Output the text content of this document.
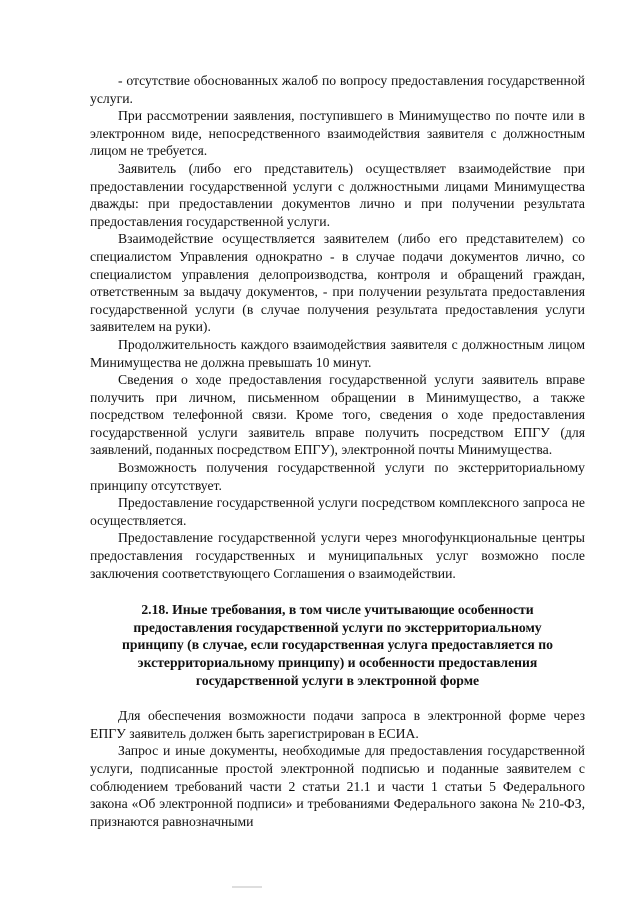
- отсутствие обоснованных жалоб по вопросу предоставления государственной услуги.

При рассмотрении заявления, поступившего в Минимущество по почте или в электронном виде, непосредственного взаимодействия заявителя с должностным лицом не требуется.

Заявитель (либо его представитель) осуществляет взаимодействие при предоставлении государственной услуги с должностными лицами Минимущества дважды: при предоставлении документов лично и при получении результата предоставления государственной услуги.

Взаимодействие осуществляется заявителем (либо его представителем) со специалистом Управления однократно - в случае подачи документов лично, со специалистом управления делопроизводства, контроля и обращений граждан, ответственным за выдачу документов, - при получении результата предоставления государственной услуги (в случае получения результата предоставления услуги заявителем на руки).

Продолжительность каждого взаимодействия заявителя с должностным лицом Минимущества не должна превышать 10 минут.

Сведения о ходе предоставления государственной услуги заявитель вправе получить при личном, письменном обращении в Минимущество, а также посредством телефонной связи. Кроме того, сведения о ходе предоставления государственной услуги заявитель вправе получить посредством ЕПГУ (для заявлений, поданных посредством ЕПГУ), электронной почты Минимущества.

Возможность получения государственной услуги по экстерриториальному принципу отсутствует.

Предоставление государственной услуги посредством комплексного запроса не осуществляется.

Предоставление государственной услуги через многофункциональные центры предоставления государственных и муниципальных услуг возможно после заключения соответствующего Соглашения о взаимодействии.

2.18. Иные требования, в том числе учитывающие особенности предоставления государственной услуги по экстерриториальному принципу (в случае, если государственная услуга предоставляется по экстерриториальному принципу) и особенности предоставления государственной услуги в электронной форме

Для обеспечения возможности подачи запроса в электронной форме через ЕПГУ заявитель должен быть зарегистрирован в ЕСИА.

Запрос и иные документы, необходимые для предоставления государственной услуги, подписанные простой электронной подписью и поданные заявителем с соблюдением требований части 2 статьи 21.1 и части 1 статьи 5 Федерального закона «Об электронной подписи» и требованиями Федерального закона № 210-ФЗ, признаются равнозначными
